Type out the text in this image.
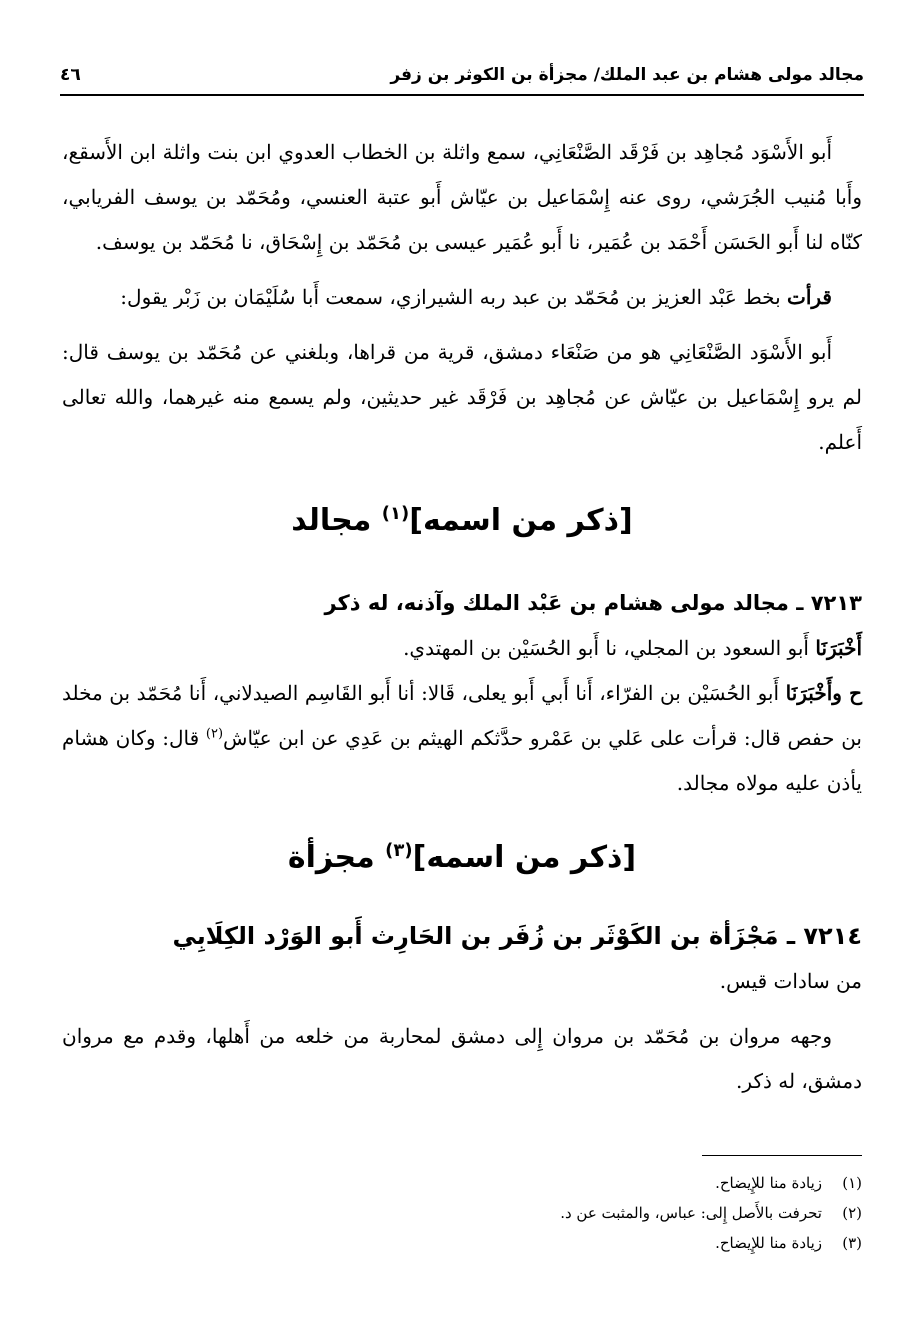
مجالد مولى هشام بن عبد الملك/ مجزأة بن الكوثر بن زفر
٤٦

أَبو الأَسْوَد مُجاهِد بن فَرْقَد الصَّنْعَانِي، سمع واثلة بن الخطاب العدوي ابن بنت واثلة ابن الأَسقع، وأَبا مُنيب الجُرَشي، روى عنه إِسْمَاعيل بن عيّاش أَبو عتبة العنسي، ومُحَمّد بن يوسف الفريابي، كنّاه لنا أَبو الحَسَن أَحْمَد بن عُمَير، نا أَبو عُمَير عيسى بن مُحَمّد بن إِسْحَاق، نا مُحَمّد بن يوسف.

قرأت بخط عَبْد العزيز بن مُحَمّد بن عبد ربه الشيرازي، سمعت أَبا سُلَيْمَان بن زَبْر يقول:

أَبو الأَسْوَد الصَّنْعَانِي هو من صَنْعَاء دمشق، قرية من قراها، وبلغني عن مُحَمّد بن يوسف قال: لم يرو إِسْمَاعيل بن عيّاش عن مُجاهِد بن فَرْقَد غير حديثين، ولم يسمع منه غيرهما، والله تعالى أَعلم.

[ذكر من اسمه]$^{(١)}$ مجالد

٧٢١٣ ـ مجالد مولى هشام بن عَبْد الملك وآذنه، له ذكر

أَخْبَرَنَا أَبو السعود بن المجلي، نا أَبو الحُسَيْن بن المهتدي.

ح وأَخْبَرَنَا أَبو الحُسَيْن بن الفرّاء، أَنا أَبي أَبو يعلى، قَالا: أنا أَبو القَاسِم الصيدلاني، أَنا مُحَمّد بن مخلد بن حفص قال: قرأت على عَلي بن عَمْرو حدَّثكم الهيثم بن عَدِي عن ابن عيّاش$^{(٢)}$ قال: وكان هشام يأذن عليه مولاه مجالد.

[ذكر من اسمه]$^{(٣)}$ مجزأة

٧٢١٤ ـ مَجْزَأة بن الكَوْثَر بن زُفَر بن الحَارِث أَبو الوَرْد الكِلَابِي

من سادات قيس.

وجهه مروان بن مُحَمّد بن مروان إِلى دمشق لمحاربة من خلعه من أَهلها، وقدم مع مروان دمشق، له ذكر.

(١)
زيادة منا للإِيضاح.
(٢)
تحرفت بالأَصل إِلى: عباس، والمثبت عن د.
(٣)
زيادة منا للإِيضاح.
